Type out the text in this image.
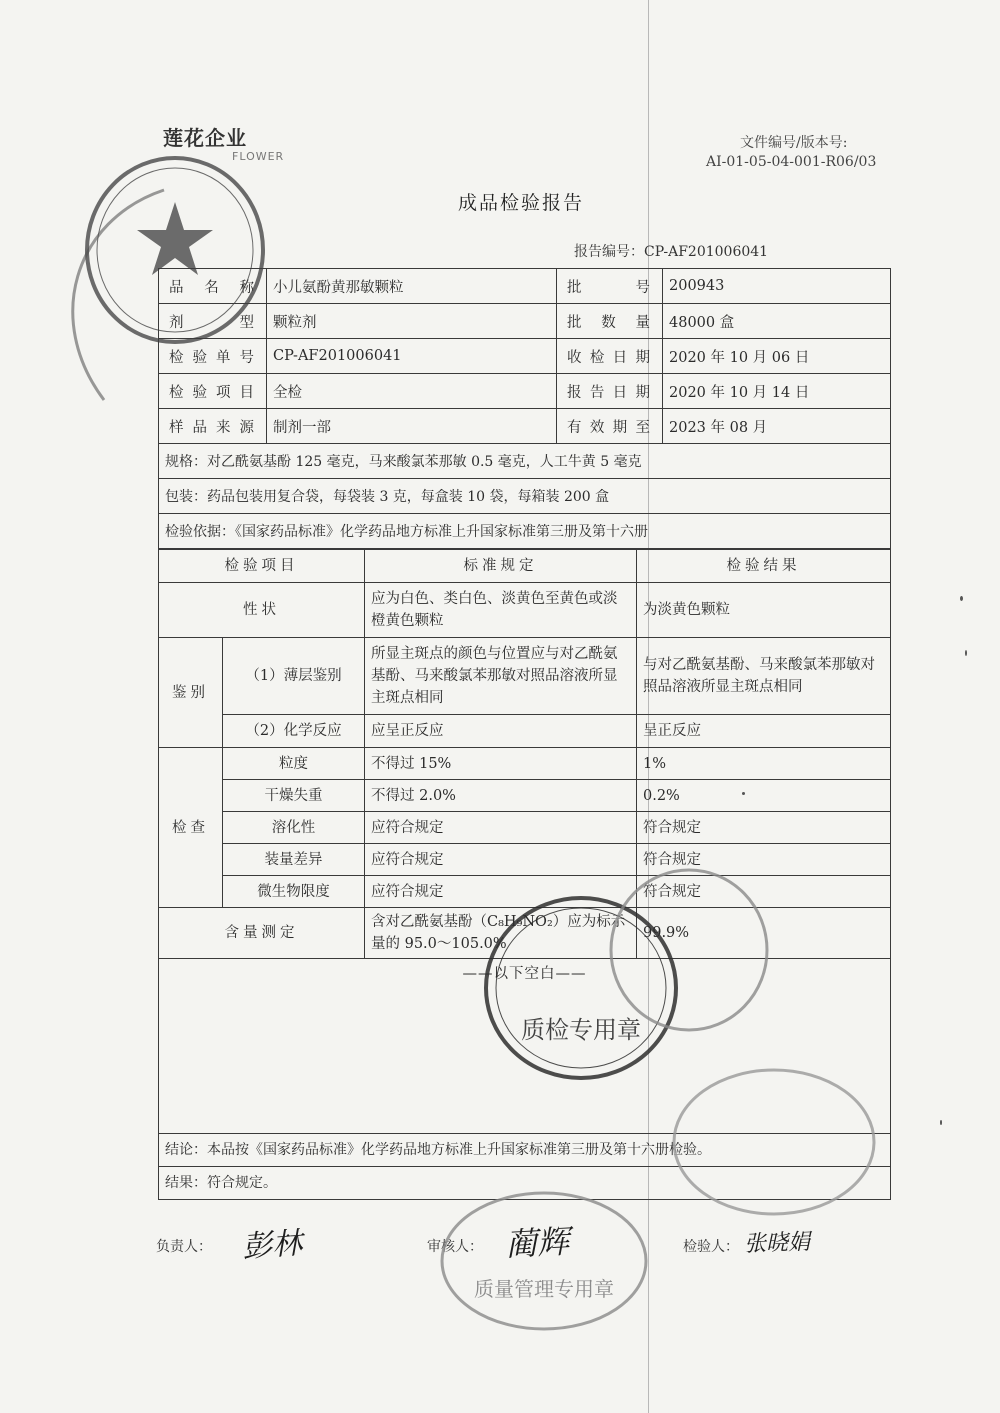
莲花企业
FLOWER
文件编号/版本号:
AI-01-05-04-001-R06/03
成品检验报告
报告编号：CP-AF201006041
品名称	小儿氨酚黄那敏颗粒	批号	200943
剂型	颗粒剂	批数量	48000 盒
检验单号	CP-AF201006041	收检日期	2020 年 10 月 06 日
检验项目	全检	报告日期	2020 年 10 月 14 日
样品来源	制剂一部	有效期至	2023 年 08 月
规格：对乙酰氨基酚 125 毫克，马来酸氯苯那敏 0.5 毫克，人工牛黄 5 毫克			
包装：药品包装用复合袋，每袋装 3 克，每盒装 10 袋，每箱装 200 盒			
检验依据：《国家药品标准》化学药品地方标准上升国家标准第三册及第十六册			
检验项目		标准规定	检验结果
性状		应为白色、类白色、淡黄色至黄色或淡橙黄色颗粒	为淡黄色颗粒
鉴别	（1）薄层鉴别	所显主斑点的颜色与位置应与对乙酰氨基酚、马来酸氯苯那敏对照品溶液所显主斑点相同	与对乙酰氨基酚、马来酸氯苯那敏对照品溶液所显主斑点相同
	（2）化学反应	应呈正反应	呈正反应
检查	粒度	不得过 15%	1%
	干燥失重	不得过 2.0%	0.2%
	溶化性	应符合规定	符合规定
	装量差异	应符合规定	符合规定
	微生物限度	应符合规定	符合规定
含量测定		含对乙酰氨基酚（C₈H₉NO₂）应为标示量的 95.0～105.0%	99.9%
——以下空白——			
结论：本品按《国家药品标准》化学药品地方标准上升国家标准第三册及第十六册检验。			
结果：符合规定。			
负责人： 彭林	审核人： 蔺辉	检验人： 张晓娟
质检专用章
质量管理专用章
